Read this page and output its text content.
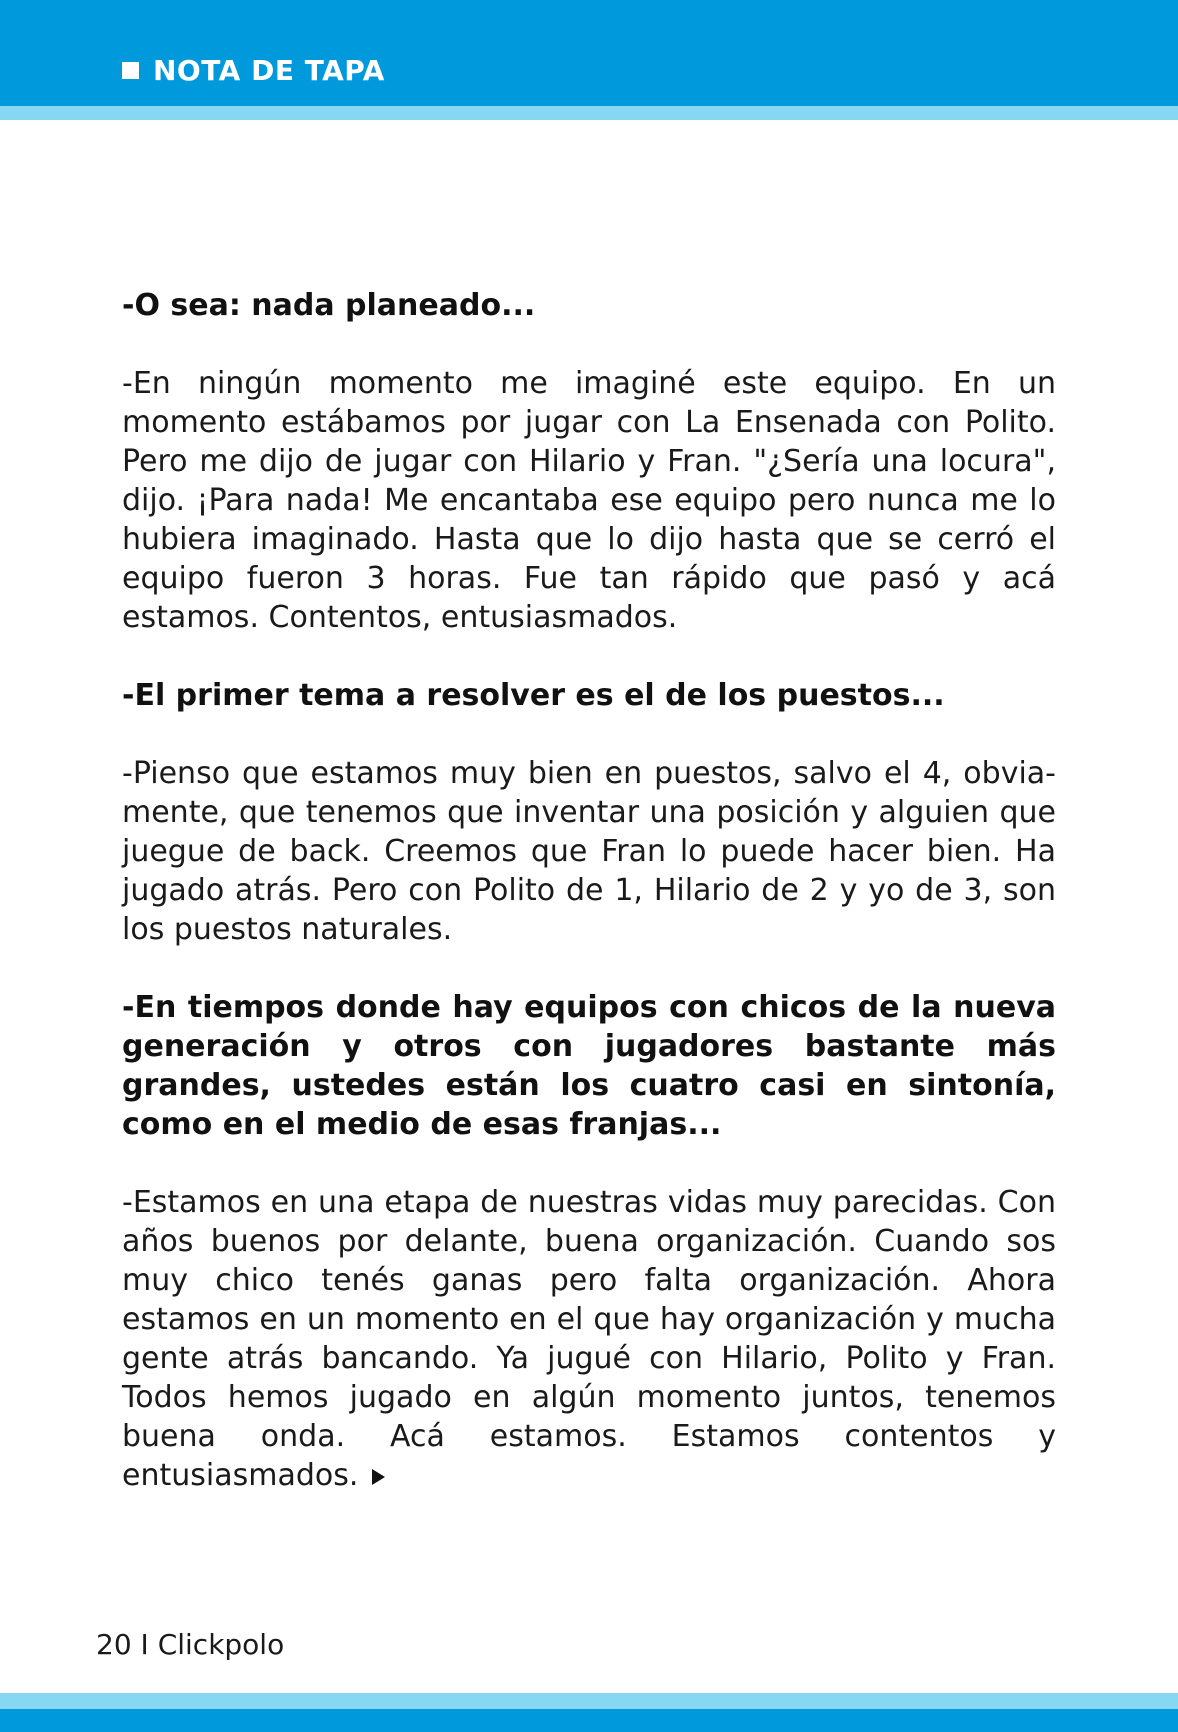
NOTA DE TAPA

-O sea: nada planeado...

-En ningún momento me imaginé este equipo. En un momento estábamos por jugar con La Ensenada con Polito. Pero me dijo de jugar con Hilario y Fran. "¿Sería una locura", dijo. ¡Para nada! Me encantaba ese equipo pero nunca me lo hubiera imaginado. Hasta que lo dijo hasta que se cerró el equipo fueron 3 horas. Fue tan rápido que pasó y acá estamos. Contentos, entusiasmados.

-El primer tema a resolver es el de los puestos...

-Pienso que estamos muy bien en puestos, salvo el 4, obvia-mente, que tenemos que inventar una posición y alguien que juegue de back. Creemos que Fran lo puede hacer bien. Ha jugado atrás. Pero con Polito de 1, Hilario de 2 y yo de 3, son los puestos naturales.

-En tiempos donde hay equipos con chicos de la nueva generación y otros con jugadores bastante más grandes, ustedes están los cuatro casi en sintonía, como en el medio de esas franjas...

-Estamos en una etapa de nuestras vidas muy parecidas. Con años buenos por delante, buena organización. Cuando sos muy chico tenés ganas pero falta organización. Ahora estamos en un momento en el que hay organización y mucha gente atrás bancando. Ya jugué con Hilario, Polito y Fran. Todos hemos jugado en algún momento juntos, tenemos buena onda. Acá estamos. Estamos contentos y entusiasmados.

20 I Clickpolo
